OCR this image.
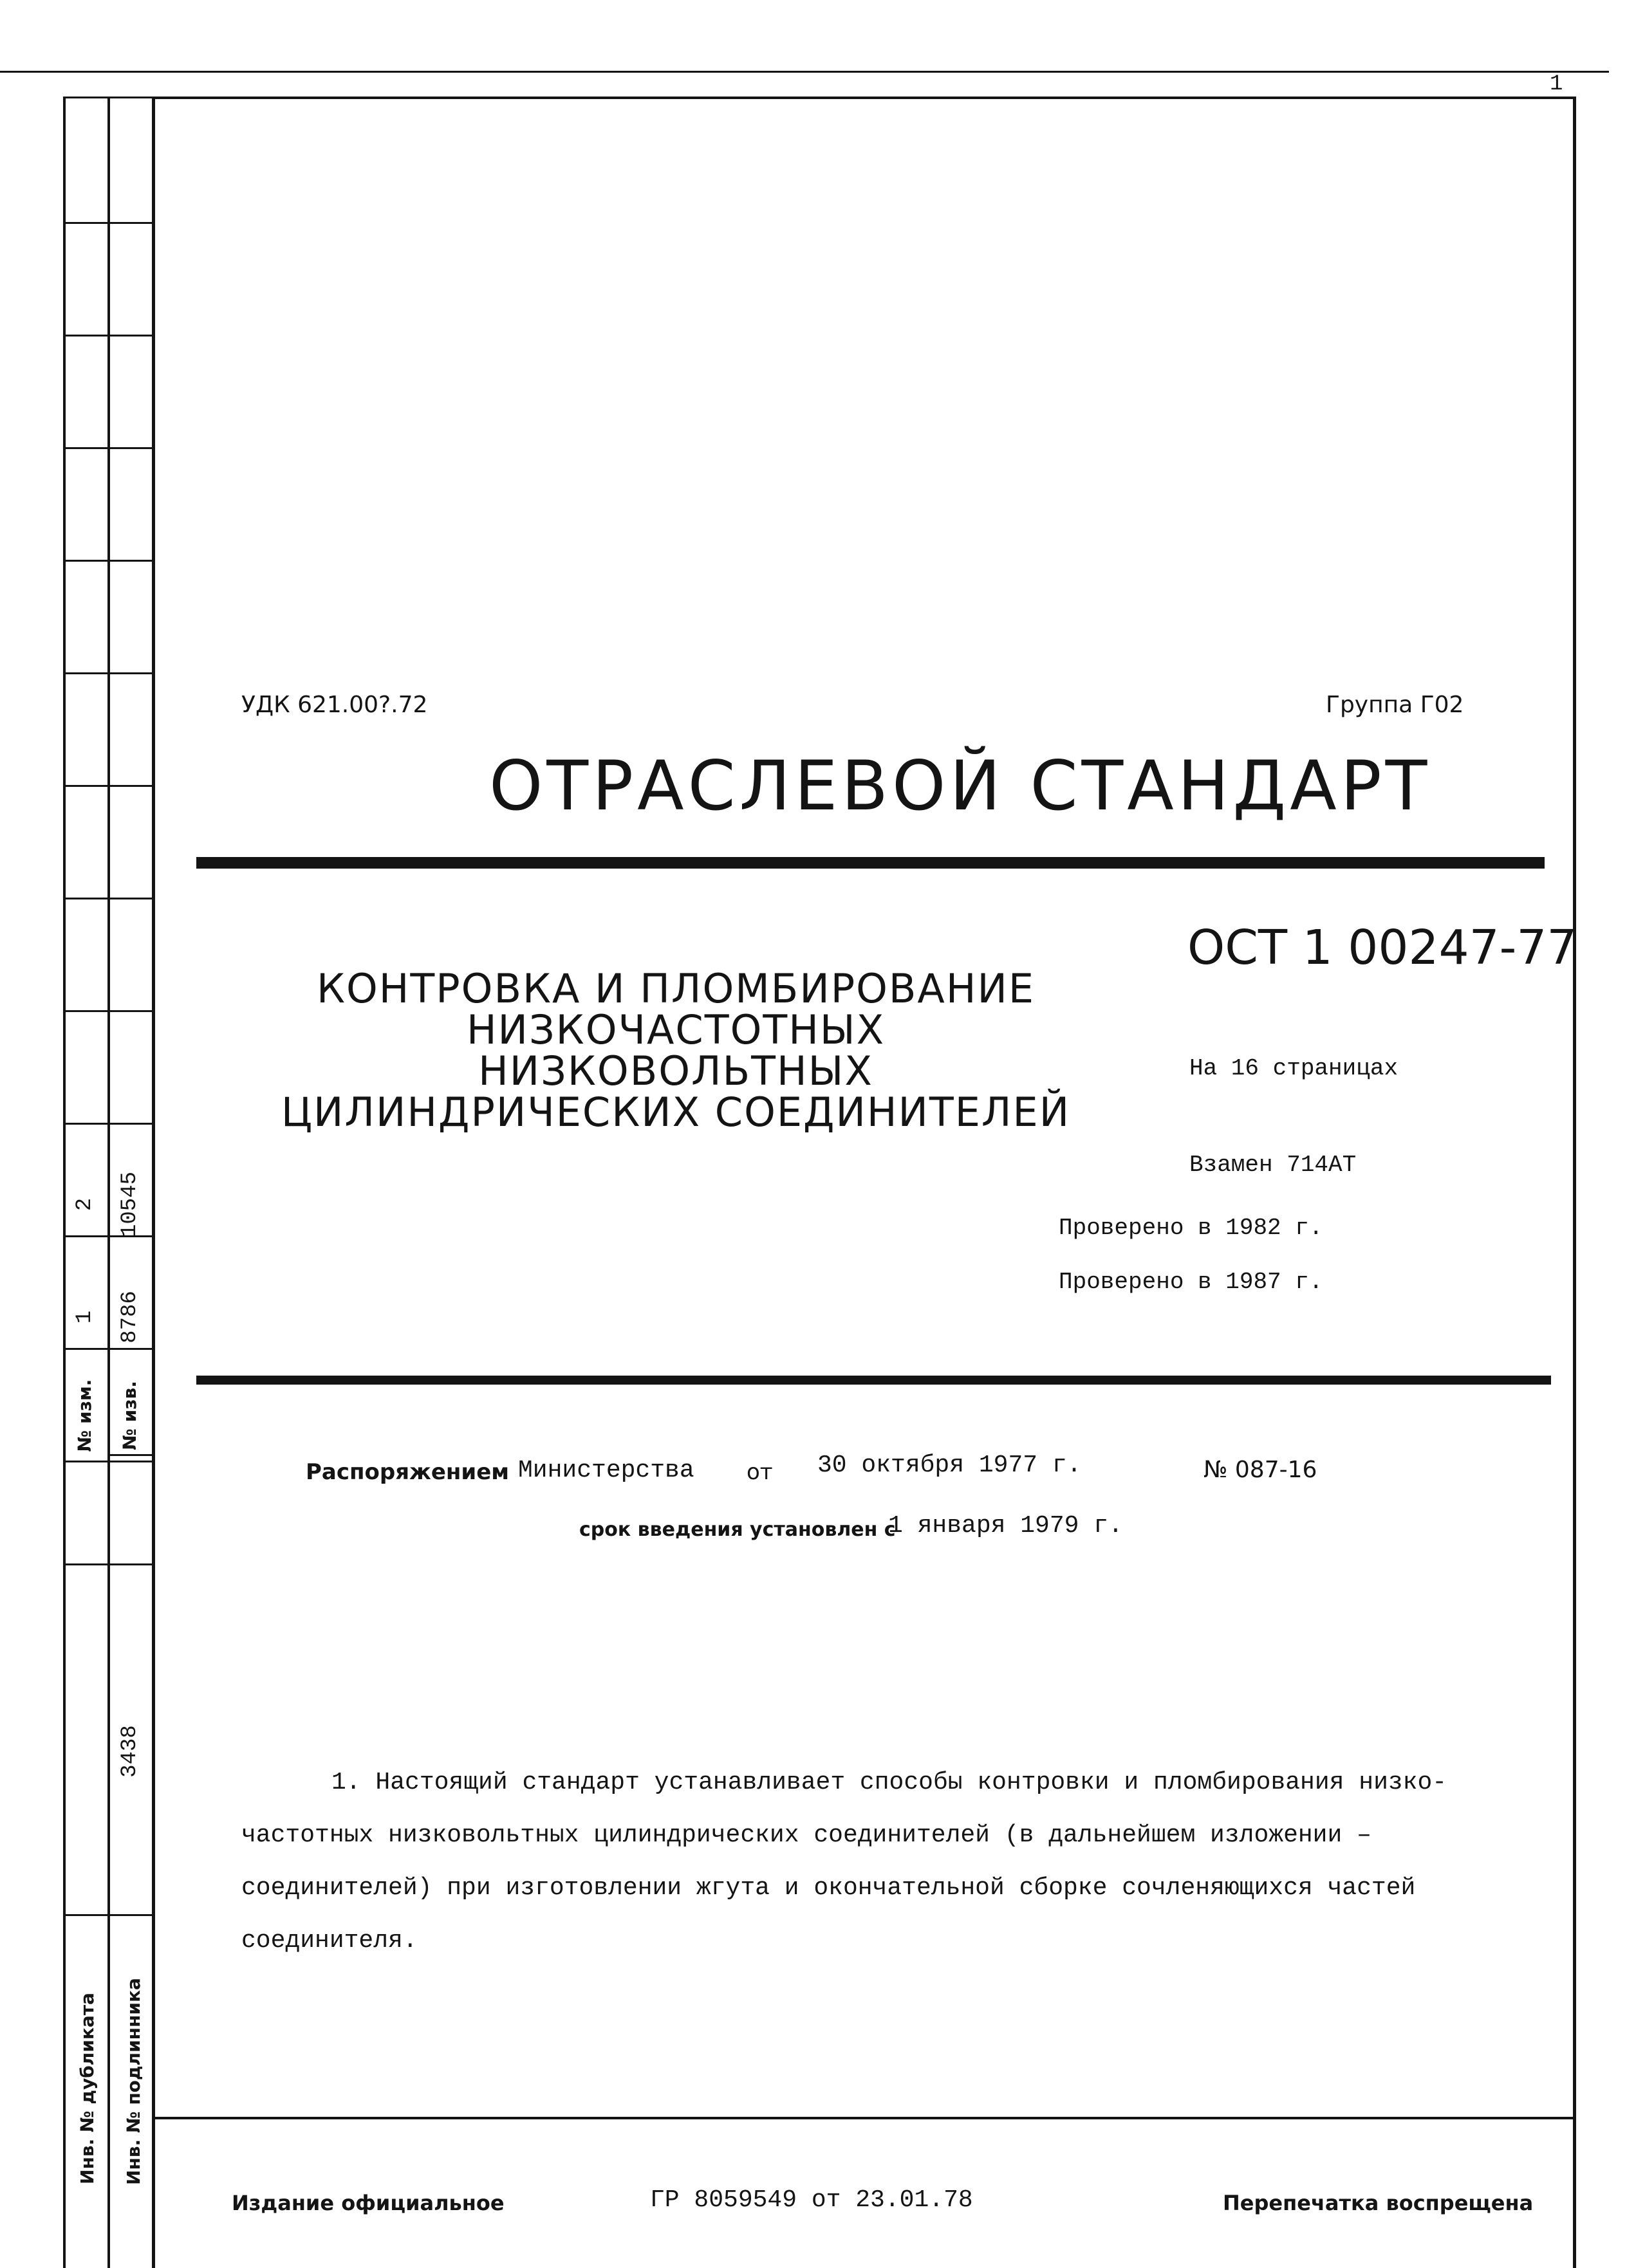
1
2 10545
1 8786
№ изм. № изв.
3438
Инв. № дубликата	Инв. № подлинника
УДК 621.00?.72	Группа Г02
ОТРАСЛЕВОЙ СТАНДАРТ
ОСТ 1 00247-77
КОНТРОВКА И ПЛОМБИРОВАНИЕ
НИЗКОЧАСТОТНЫХ НИЗКОВОЛЬТНЫХ
ЦИЛИНДРИЧЕСКИХ СОЕДИНИТЕЛЕЙ
На 16 страницах
Взамен 714АТ
Проверено в 1982 г.
Проверено в 1987 г.
Распоряжением Министерства от 30 октября 1977 г.	№ 087-16
срок введения установлен с
1 января 1979 г.
1. Настоящий стандарт устанавливает способы контровки и пломбирования низко-
частотных низковольтных цилиндрических соединителей (в дальнейшем изложении –
соединителей) при изготовлении жгута и окончательной сборке сочленяющихся частей
соединителя.
Издание официальное	ГР 8059549 от 23.01.78	Перепечатка воспрещена
